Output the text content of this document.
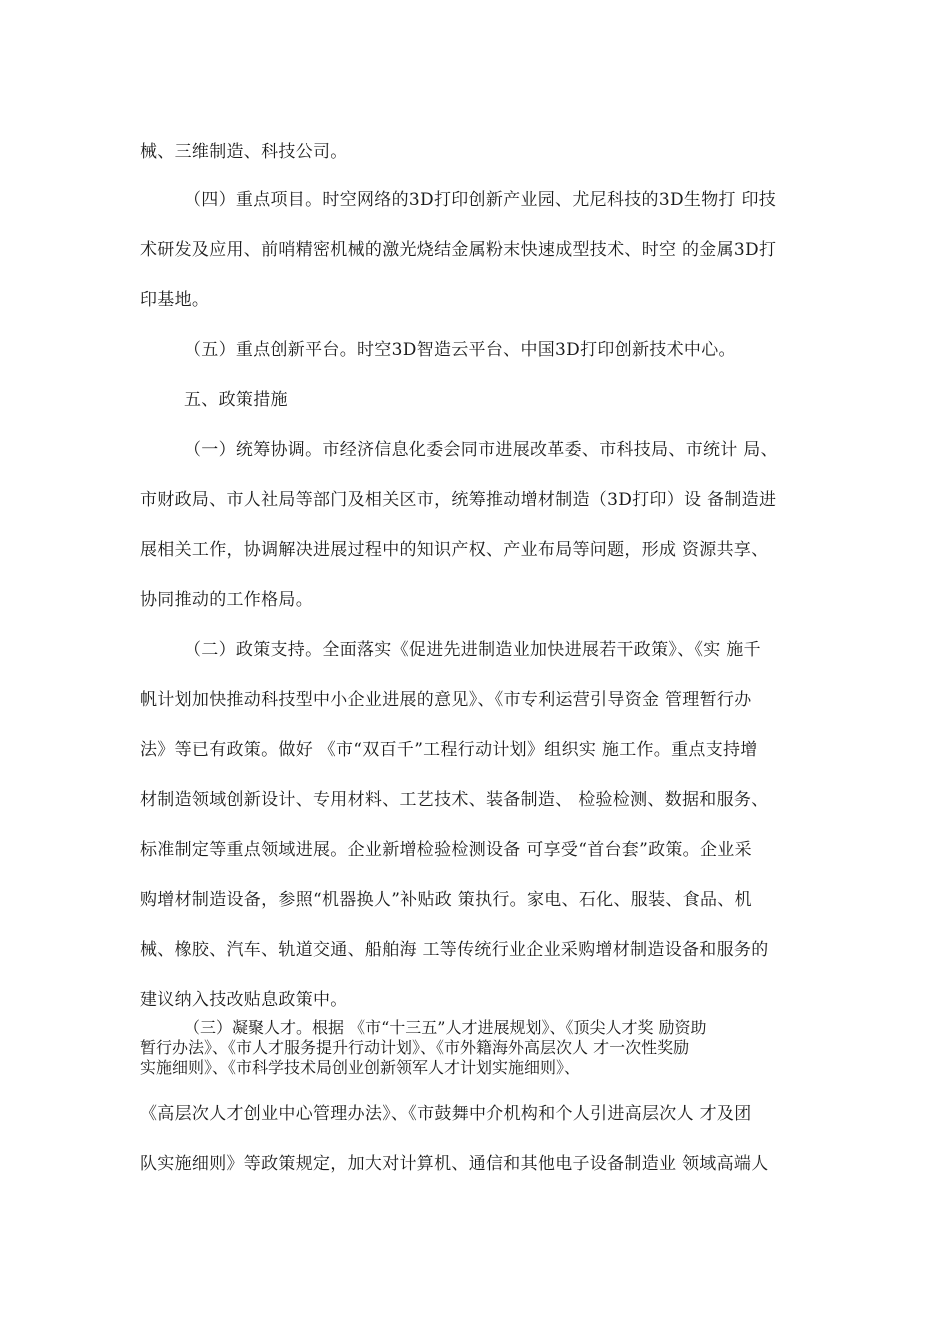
械、三维制造、科技公司。
（四）重点项目。时空网络的3D打印创新产业园、尤尼科技的3D生物打 印技
术研发及应用、前哨精密机械的激光烧结金属粉末快速成型技术、时空 的金属3D打
印基地。
（五）重点创新平台。时空3D智造云平台、中国3D打印创新技术中心。
五、政策措施
（一）统筹协调。市经济信息化委会同市进展改革委、市科技局、市统计 局、
市财政局、市人社局等部门及相关区市，统筹推动增材制造（3D打印）设 备制造进
展相关工作，协调解决进展过程中的知识产权、产业布局等问题，形成 资源共享、
协同推动的工作格局。
（二）政策支持。全面落实《促进先进制造业加快进展若干政策》、《实 施千
帆计划加快推动科技型中小企业进展的意见》、《市专利运营引导资金 管理暂行办
法》等已有政策。做好 《市“双百千”工程行动计划》组织实 施工作。重点支持增
材制造领域创新设计、专用材料、工艺技术、装备制造、 检验检测、数据和服务、
标准制定等重点领域进展。企业新增检验检测设备 可享受“首台套”政策。企业采
购增材制造设备，参照“机器换人”补贴政 策执行。家电、石化、服装、食品、机
械、橡胶、汽车、轨道交通、船舶海 工等传统行业企业采购增材制造设备和服务的
建议纳入技改贴息政策中。
（三）凝聚人才。根据 《市“十三五”人才进展规划》、《顶尖人才奖 励资助
暂行办法》、《市人才服务提升行动计划》、《市外籍海外高层次人 才一次性奖励
实施细则》、《市科学技术局创业创新领军人才计划实施细则》、
《高层次人才创业中心管理办法》、《市鼓舞中介机构和个人引进高层次人 才及团
队实施细则》等政策规定，加大对计算机、通信和其他电子设备制造业 领域高端人
